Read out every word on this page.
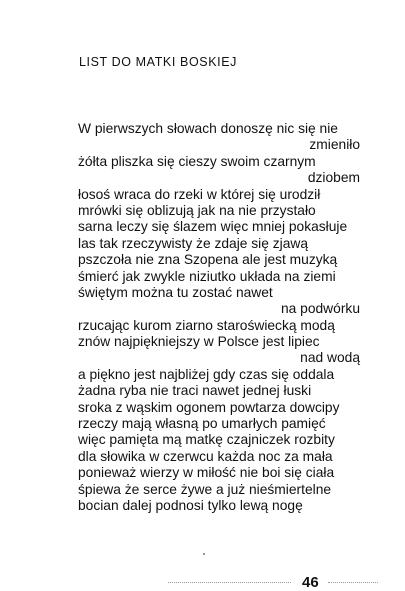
LIST DO MATKI BOSKIEJ
W pierwszych słowach donoszę nic się nie
zmieniło
żółta pliszka się cieszy swoim czarnym
dziobem
łosoś wraca do rzeki w której się urodził
mrówki się oblizują jak na nie przystało
sarna leczy się ślazem więc mniej pokasłuje
las tak rzeczywisty że zdaje się zjawą
pszczoła nie zna Szopena ale jest muzyką
śmierć jak zwykle niziutko układa na ziemi
świętym można tu zostać nawet
na podwórku
rzucając kurom ziarno staroświecką modą
znów najpiękniejszy w Polsce jest lipiec
nad wodą
a piękno jest najbliżej gdy czas się oddala
żadna ryba nie traci nawet jednej łuski
sroka z wąskim ogonem powtarza dowcipy
rzeczy mają własną po umarłych pamięć
więc pamięta mą matkę czajniczek rozbity
dla słowika w czerwcu każda noc za mała
ponieważ wierzy w miłość nie boi się ciała
śpiewa że serce żywe a już nieśmiertelne
bocian dalej podnosi tylko lewą nogę
46
